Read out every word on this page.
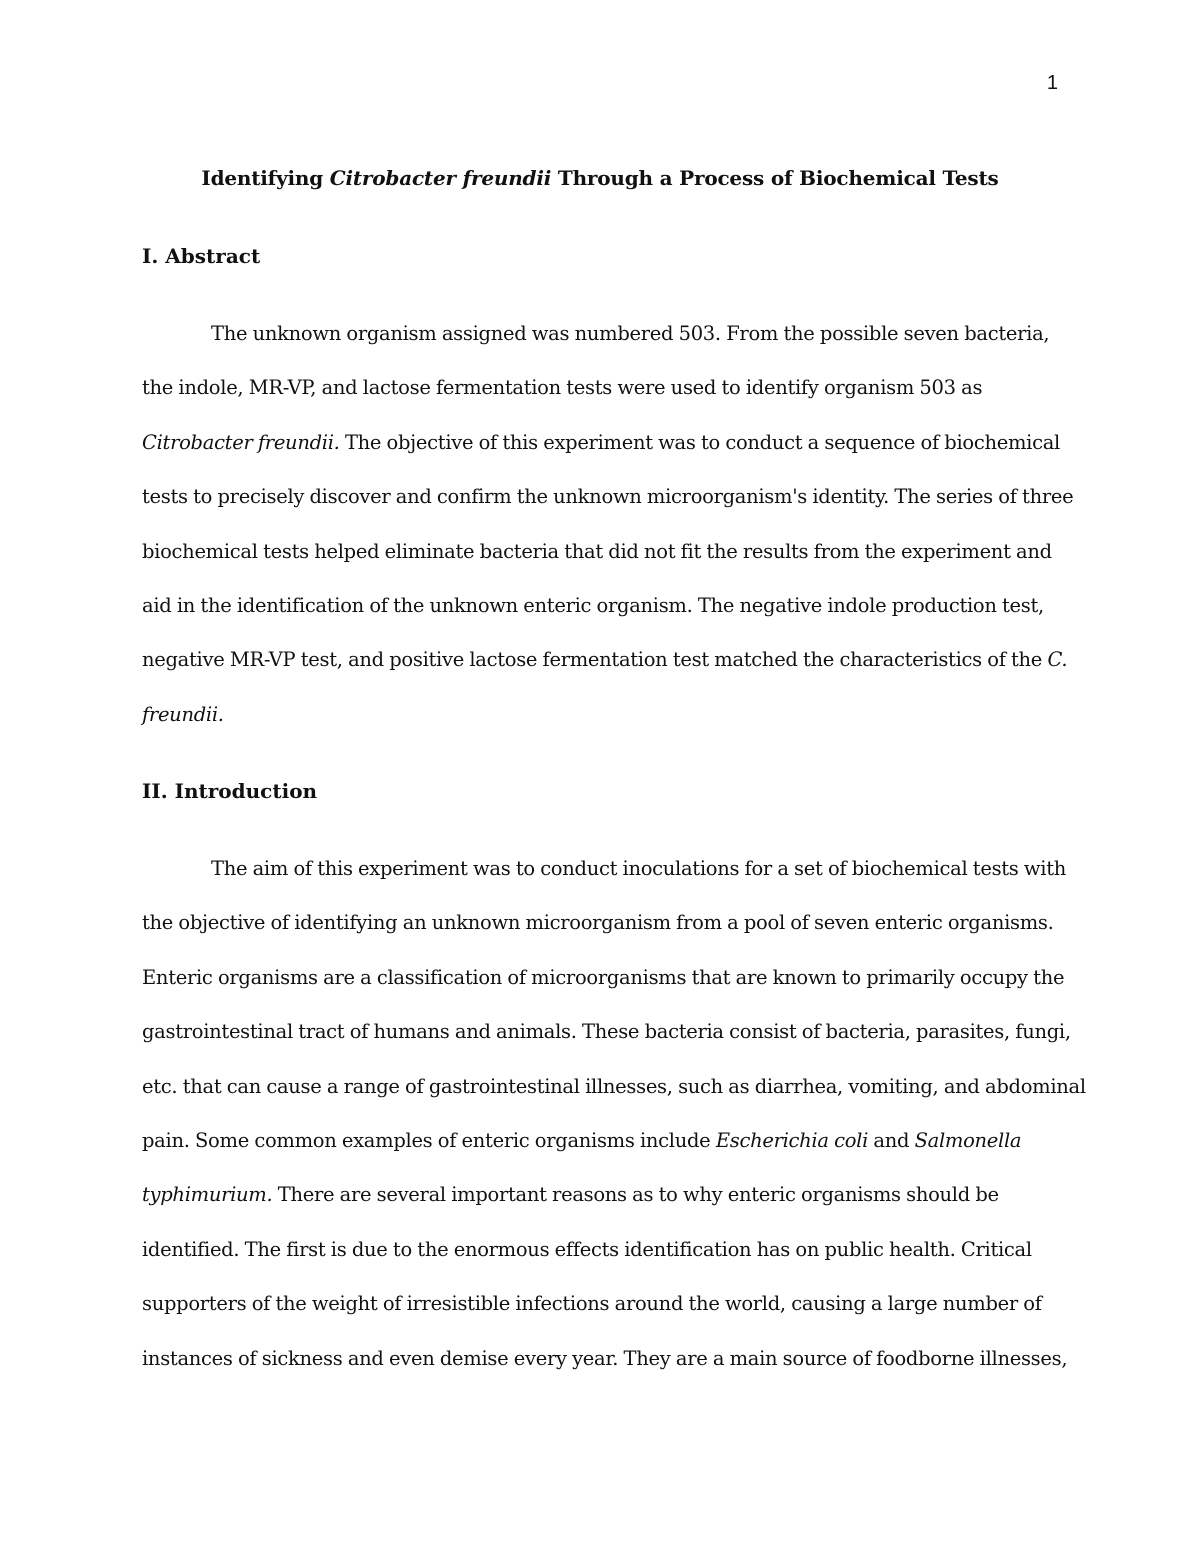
1
Identifying Citrobacter freundii Through a Process of Biochemical Tests
I. Abstract
The unknown organism assigned was numbered 503. From the possible seven bacteria,
the indole, MR-VP, and lactose fermentation tests were used to identify organism 503 as
Citrobacter freundii. The objective of this experiment was to conduct a sequence of biochemical
tests to precisely discover and confirm the unknown microorganism's identity. The series of three
biochemical tests helped eliminate bacteria that did not fit the results from the experiment and
aid in the identification of the unknown enteric organism. The negative indole production test,
negative MR-VP test, and positive lactose fermentation test matched the characteristics of the C.
freundii.
II. Introduction
The aim of this experiment was to conduct inoculations for a set of biochemical tests with
the objective of identifying an unknown microorganism from a pool of seven enteric organisms.
Enteric organisms are a classification of microorganisms that are known to primarily occupy the
gastrointestinal tract of humans and animals. These bacteria consist of bacteria, parasites, fungi,
etc. that can cause a range of gastrointestinal illnesses, such as diarrhea, vomiting, and abdominal
pain. Some common examples of enteric organisms include Escherichia coli and Salmonella
typhimurium. There are several important reasons as to why enteric organisms should be
identified. The first is due to the enormous effects identification has on public health. Critical
supporters of the weight of irresistible infections around the world, causing a large number of
instances of sickness and even demise every year. They are a main source of foodborne illnesses,
